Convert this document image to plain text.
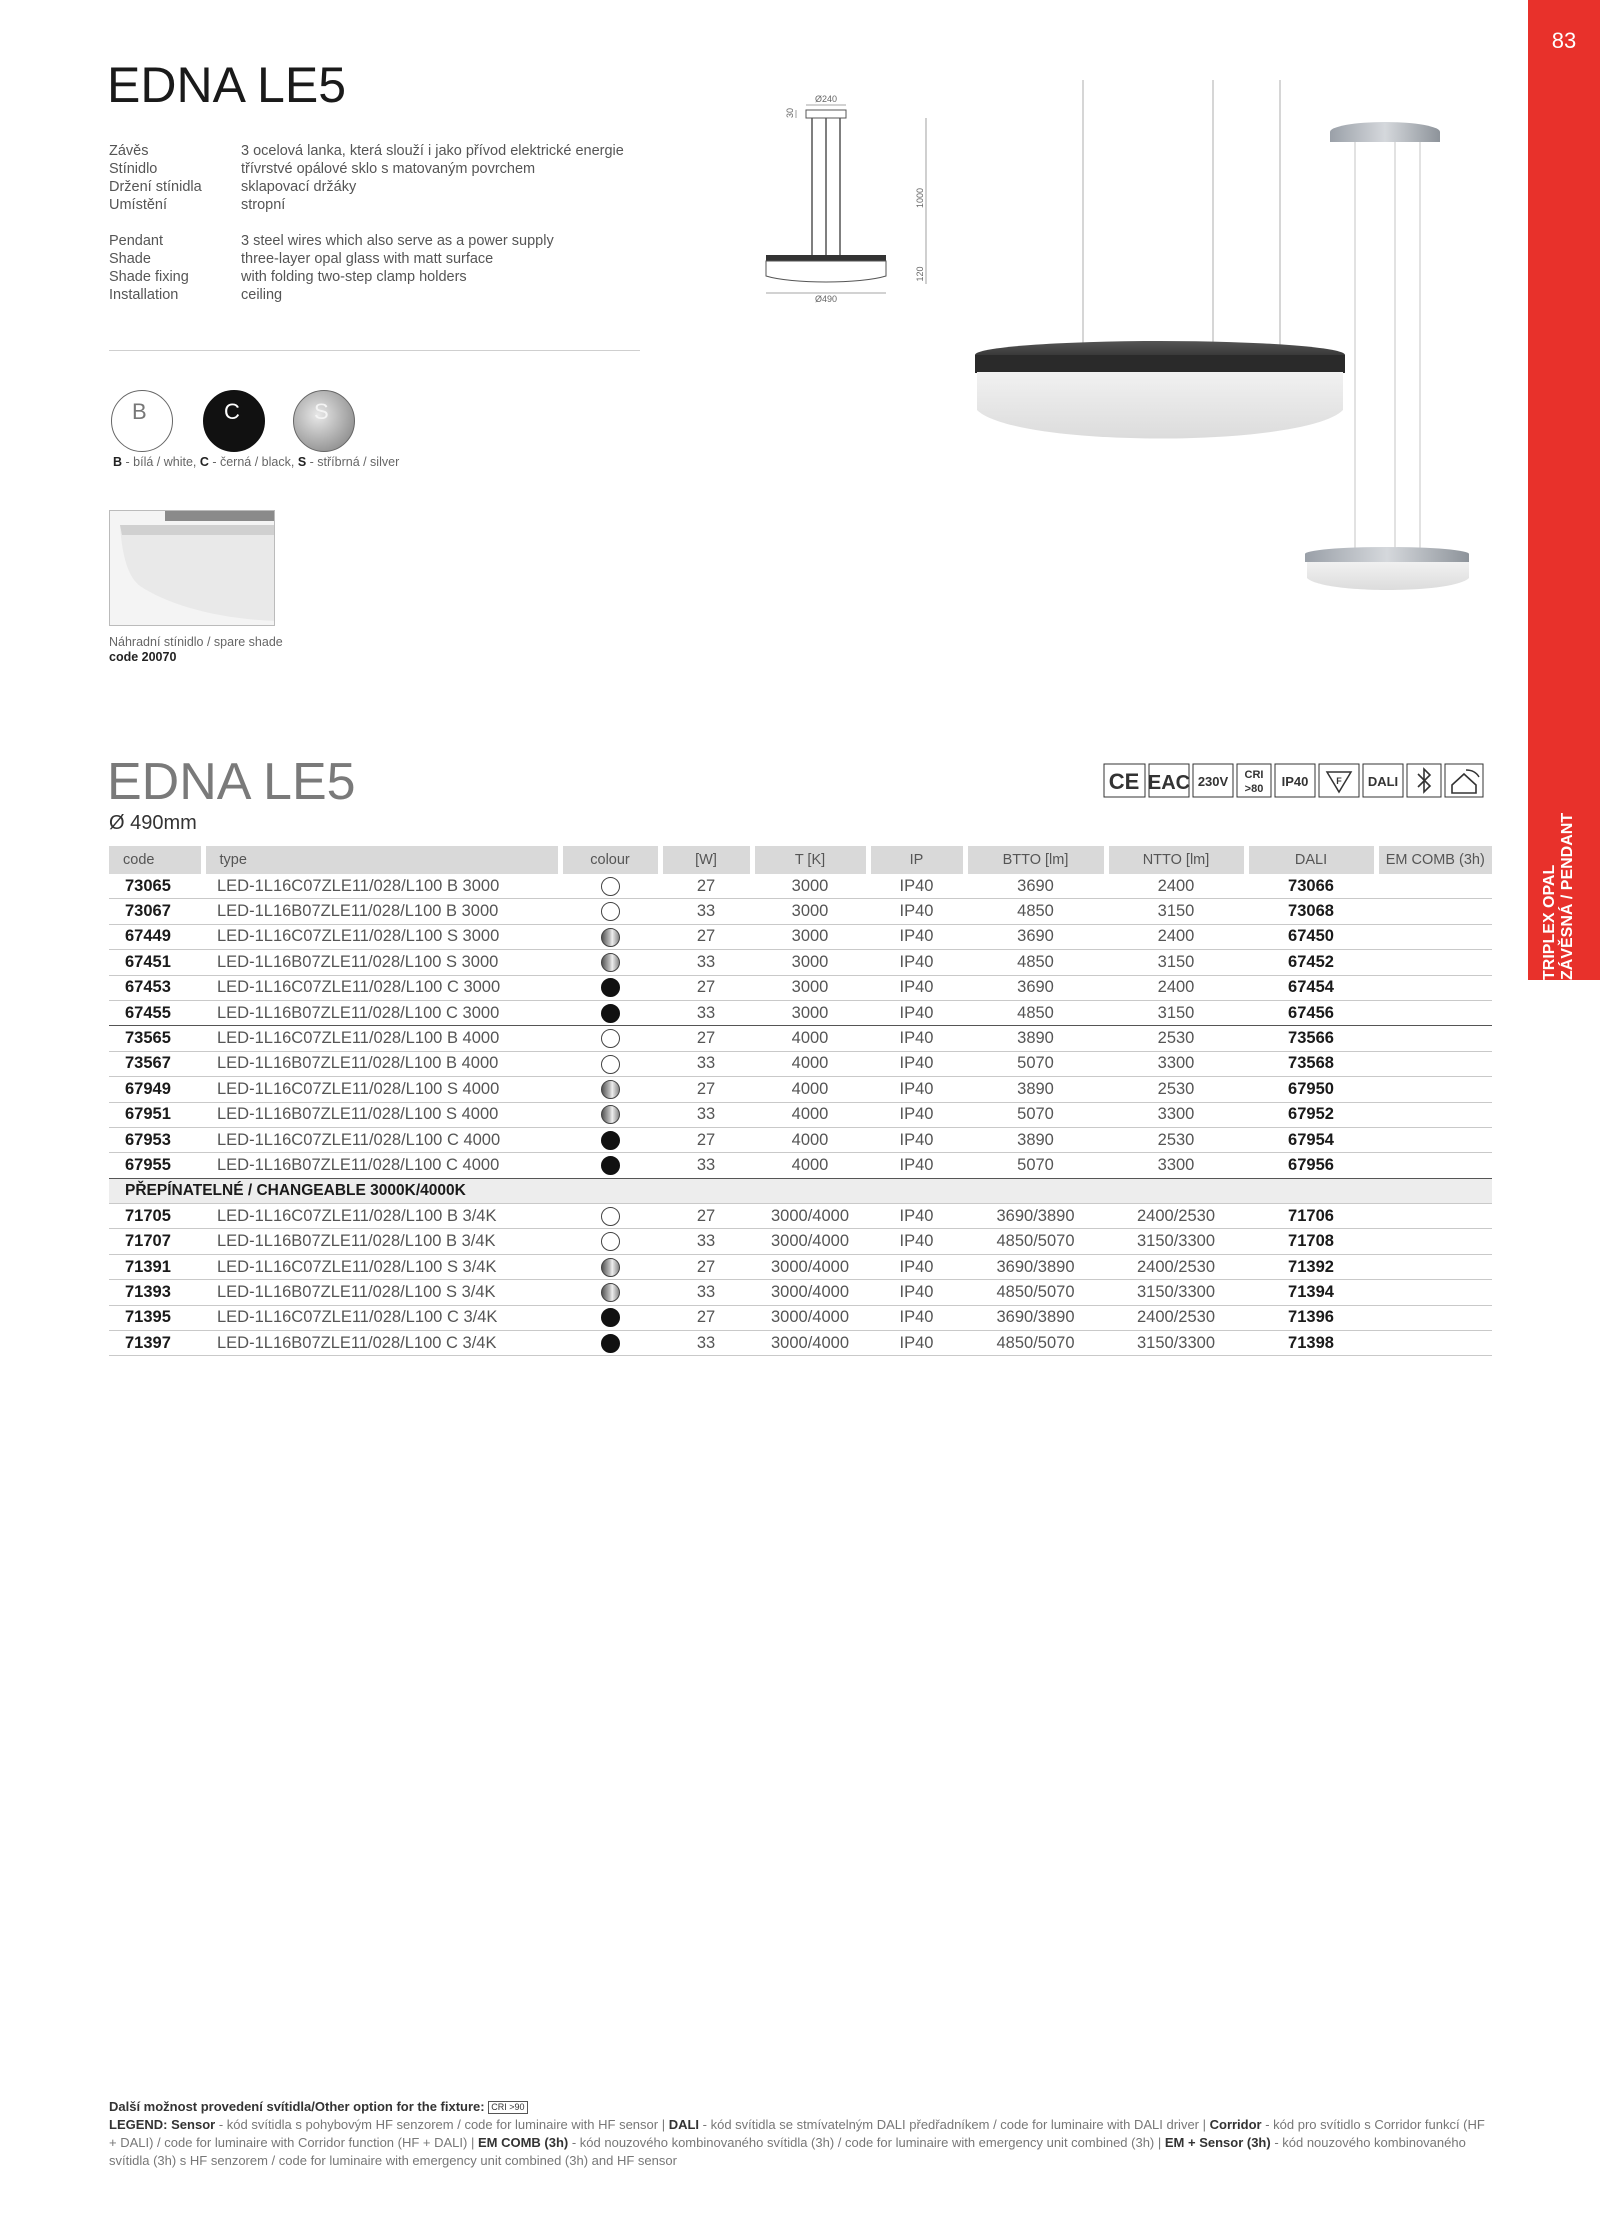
83
TRIPLEX OPAL ZÁVĚSNÁ / PENDANT
EDNA LE5
Závěs	3 ocelová lanka, která slouží i jako přívod elektrické energie
Stínidlo	třívrstvé opálové sklo s matovaným povrchem
Držení stínidla	sklapovací držáky
Umístění	stropní
Pendant	3 steel wires which also serve as a power supply
Shade	three-layer opal glass with matt surface
Shade fixing	with folding two-step clamp holders
Installation	ceiling
B	C	S
B - bílá / white, C - černá / black, S - stříbrná / silver
Náhradní stínidlo / spare shade
code 20070
Ø240
Ø490
30
1000
120
EDNA LE5
Ø 490mm
CE EAC 230V CRI
>80 IP40	F DALI
code	type	colour	[W]	T [K]	IP	BTTO [lm]	NTTO [lm]	DALI	EM COMB (3h)
73065	LED-1L16C07ZLE11/028/L100 B 3000		27	3000	IP40	3690	2400	73066	
73067	LED-1L16B07ZLE11/028/L100 B 3000		33	3000	IP40	4850	3150	73068	
67449	LED-1L16C07ZLE11/028/L100 S 3000		27	3000	IP40	3690	2400	67450	
67451	LED-1L16B07ZLE11/028/L100 S 3000		33	3000	IP40	4850	3150	67452	
67453	LED-1L16C07ZLE11/028/L100 C 3000		27	3000	IP40	3690	2400	67454	
67455	LED-1L16B07ZLE11/028/L100 C 3000		33	3000	IP40	4850	3150	67456	
73565	LED-1L16C07ZLE11/028/L100 B 4000		27	4000	IP40	3890	2530	73566	
73567	LED-1L16B07ZLE11/028/L100 B 4000		33	4000	IP40	5070	3300	73568	
67949	LED-1L16C07ZLE11/028/L100 S 4000		27	4000	IP40	3890	2530	67950	
67951	LED-1L16B07ZLE11/028/L100 S 4000		33	4000	IP40	5070	3300	67952	
67953	LED-1L16C07ZLE11/028/L100 C 4000		27	4000	IP40	3890	2530	67954	
67955	LED-1L16B07ZLE11/028/L100 C 4000		33	4000	IP40	5070	3300	67956	
PŘEPÍNATELNÉ / CHANGEABLE 3000K/4000K									
71705	LED-1L16C07ZLE11/028/L100 B 3/4K		27	3000/4000	IP40	3690/3890	2400/2530	71706	
71707	LED-1L16B07ZLE11/028/L100 B 3/4K		33	3000/4000	IP40	4850/5070	3150/3300	71708	
71391	LED-1L16C07ZLE11/028/L100 S 3/4K		27	3000/4000	IP40	3690/3890	2400/2530	71392	
71393	LED-1L16B07ZLE11/028/L100 S 3/4K		33	3000/4000	IP40	4850/5070	3150/3300	71394	
71395	LED-1L16C07ZLE11/028/L100 C 3/4K		27	3000/4000	IP40	3690/3890	2400/2530	71396	
71397	LED-1L16B07ZLE11/028/L100 C 3/4K		33	3000/4000	IP40	4850/5070	3150/3300	71398	
Další možnost provedení svítidla/Other option for the fixture: CRI >90
LEGEND: Sensor - kód svítidla s pohybovým HF senzorem / code for luminaire with HF sensor | DALI - kód svítidla se stmívatelným DALI předřadníkem / code for luminaire with DALI driver | Corridor - kód pro svítidlo s Corridor funkcí (HF + DALI) / code for luminaire with Corridor function (HF + DALI) | EM COMB (3h) - kód nouzového kombinovaného svítidla (3h) / code for luminaire with emergency unit combined (3h) | EM + Sensor (3h) - kód nouzového kombinovaného svítidla (3h) s HF senzorem / code for luminaire with emergency unit combined (3h) and HF sensor
